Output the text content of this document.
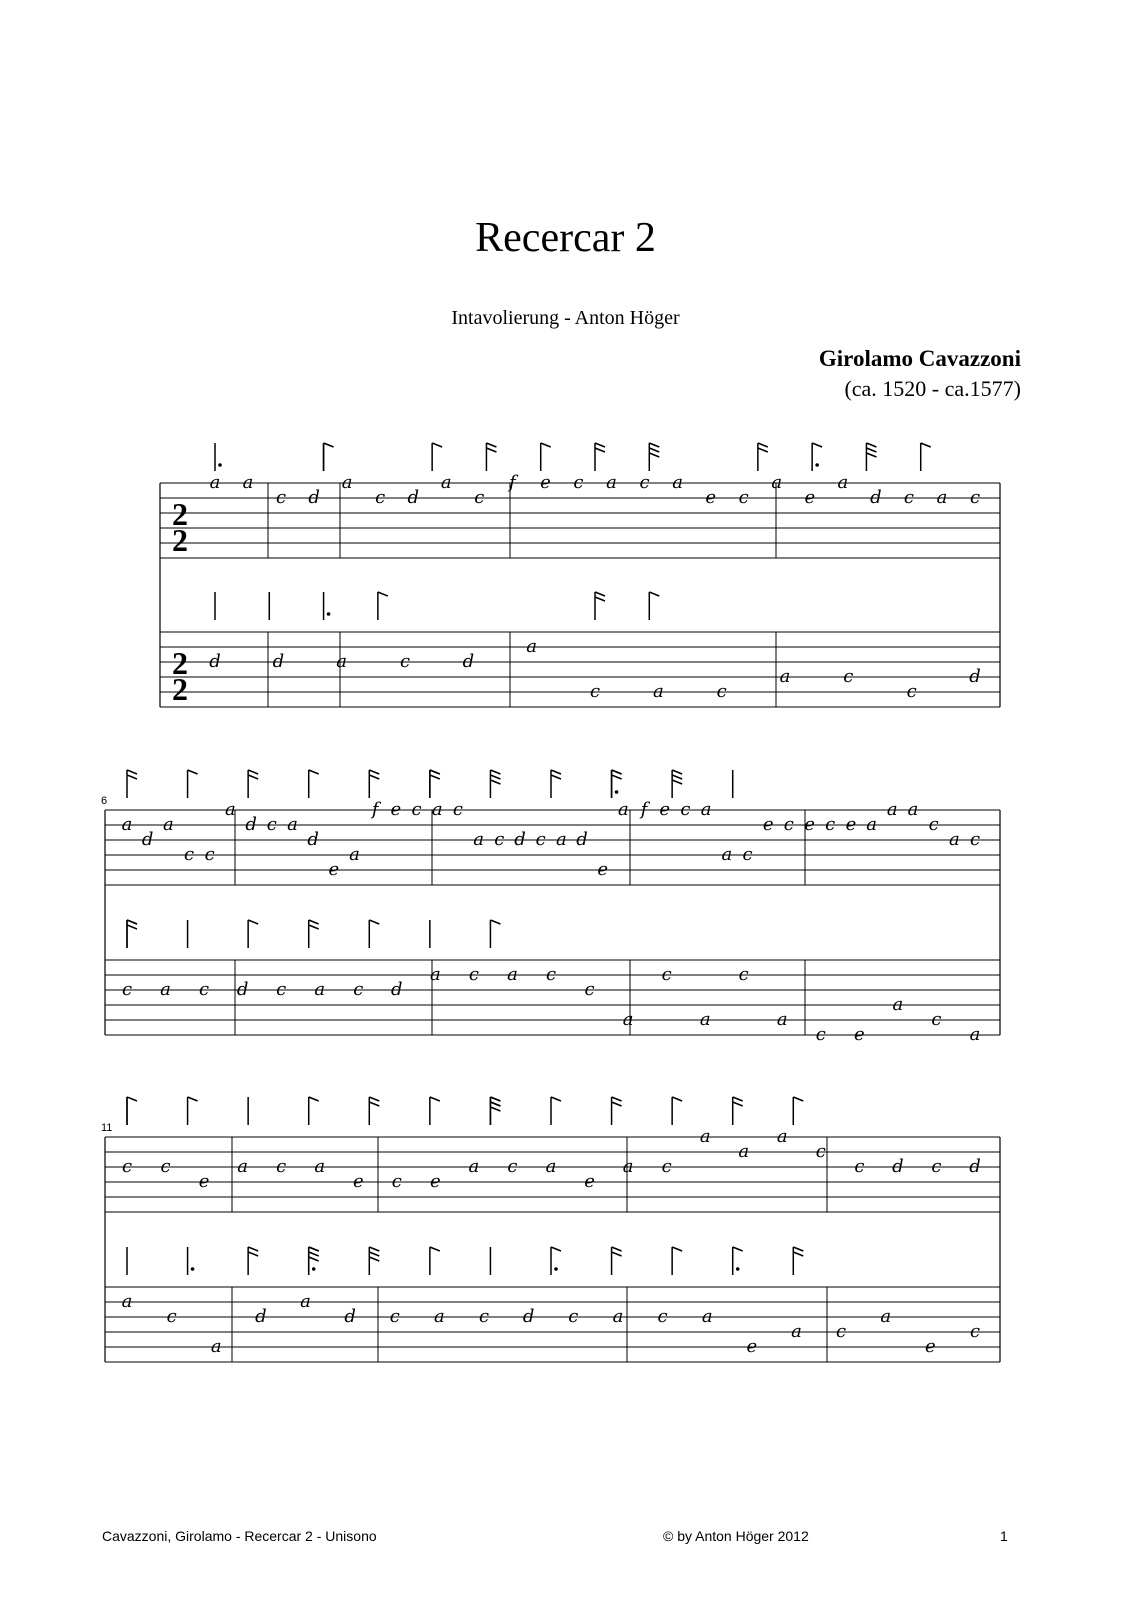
Recercar 2
Intavolierung - Anton Höger
Girolamo Cavazzoni
(ca. 1520 - ca.1577)
2
2
a a
c d
a
c d
a
c
f e c a c a
e c
a
e
a
d c a c
2
2
d	d	a	c	d
a
c	a	c
a	c
c
d
6
a
d
a
c c
a
d c a
d
e
a
f e c a c
a c d c a d
e
a f e c a
a c
e c e c e a
a a
c
a c
c a c d c a c d
a c a c
c
a
c
a
c
a
c e
a
c
a
11
c c
e
a c a
e c e
a c a
e
a c
a
a
a
c
c d c d
a
c
a
d
a
d c a c d c a c a
e
a c
a
e
c
Cavazzoni, Girolamo - Recercar 2 - Unisono	© by Anton Höger 2012	1
